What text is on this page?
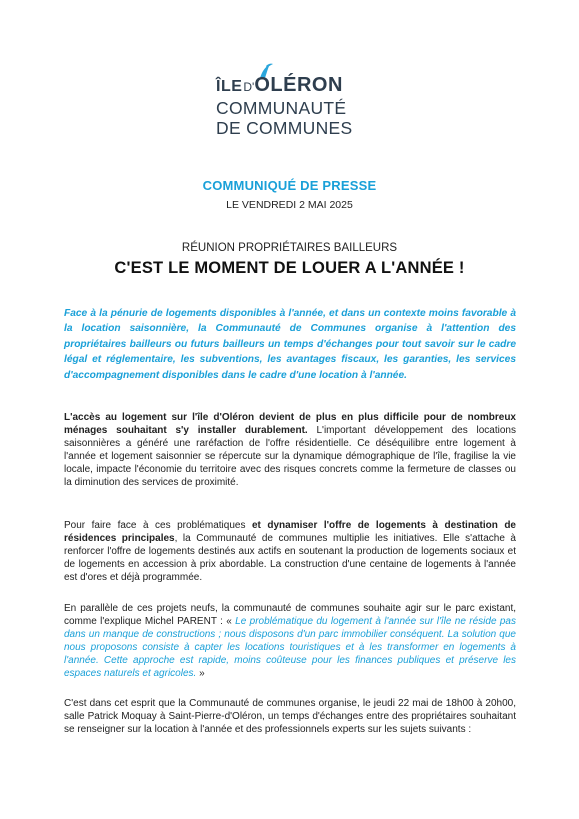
ÎLE D' OLÉRON
COMMUNAUTÉ
DE COMMUNES
COMMUNIQUÉ DE PRESSE
LE VENDREDI 2 MAI 2025
RÉUNION PROPRIÉTAIRES BAILLEURS
C'EST LE MOMENT DE LOUER A L'ANNÉE !
Face à la pénurie de logements disponibles à l'année, et dans un contexte moins favorable à la location saisonnière, la Communauté de Communes organise à l'attention des propriétaires bailleurs ou futurs bailleurs un temps d'échanges pour tout savoir sur le cadre légal et réglementaire, les subventions, les avantages fiscaux, les garanties, les services d'accompagnement disponibles dans le cadre d'une location à l'année.
L'accès au logement sur l'île d'Oléron devient de plus en plus difficile pour de nombreux ménages souhaitant s'y installer durablement. L'important développement des locations saisonnières a généré une raréfaction de l'offre résidentielle. Ce déséquilibre entre logement à l'année et logement saisonnier se répercute sur la dynamique démographique de l'île, fragilise la vie locale, impacte l'économie du territoire avec des risques concrets comme la fermeture de classes ou la diminution des services de proximité.
Pour faire face à ces problématiques et dynamiser l'offre de logements à destination de résidences principales, la Communauté de communes multiplie les initiatives. Elle s'attache à renforcer l'offre de logements destinés aux actifs en soutenant la production de logements sociaux et de logements en accession à prix abordable. La construction d'une centaine de logements à l'année est d'ores et déjà programmée.
En parallèle de ces projets neufs, la communauté de communes souhaite agir sur le parc existant, comme l'explique Michel PARENT : « Le problématique du logement à l'année sur l'île ne réside pas dans un manque de constructions ; nous disposons d'un parc immobilier conséquent. La solution que nous proposons consiste à capter les locations touristiques et à les transformer en logements à l'année. Cette approche est rapide, moins coûteuse pour les finances publiques et préserve les espaces naturels et agricoles. »
C'est dans cet esprit que la Communauté de communes organise, le jeudi 22 mai de 18h00 à 20h00, salle Patrick Moquay à Saint-Pierre-d'Oléron, un temps d'échanges entre des propriétaires souhaitant se renseigner sur la location à l'année et des professionnels experts sur les sujets suivants :
